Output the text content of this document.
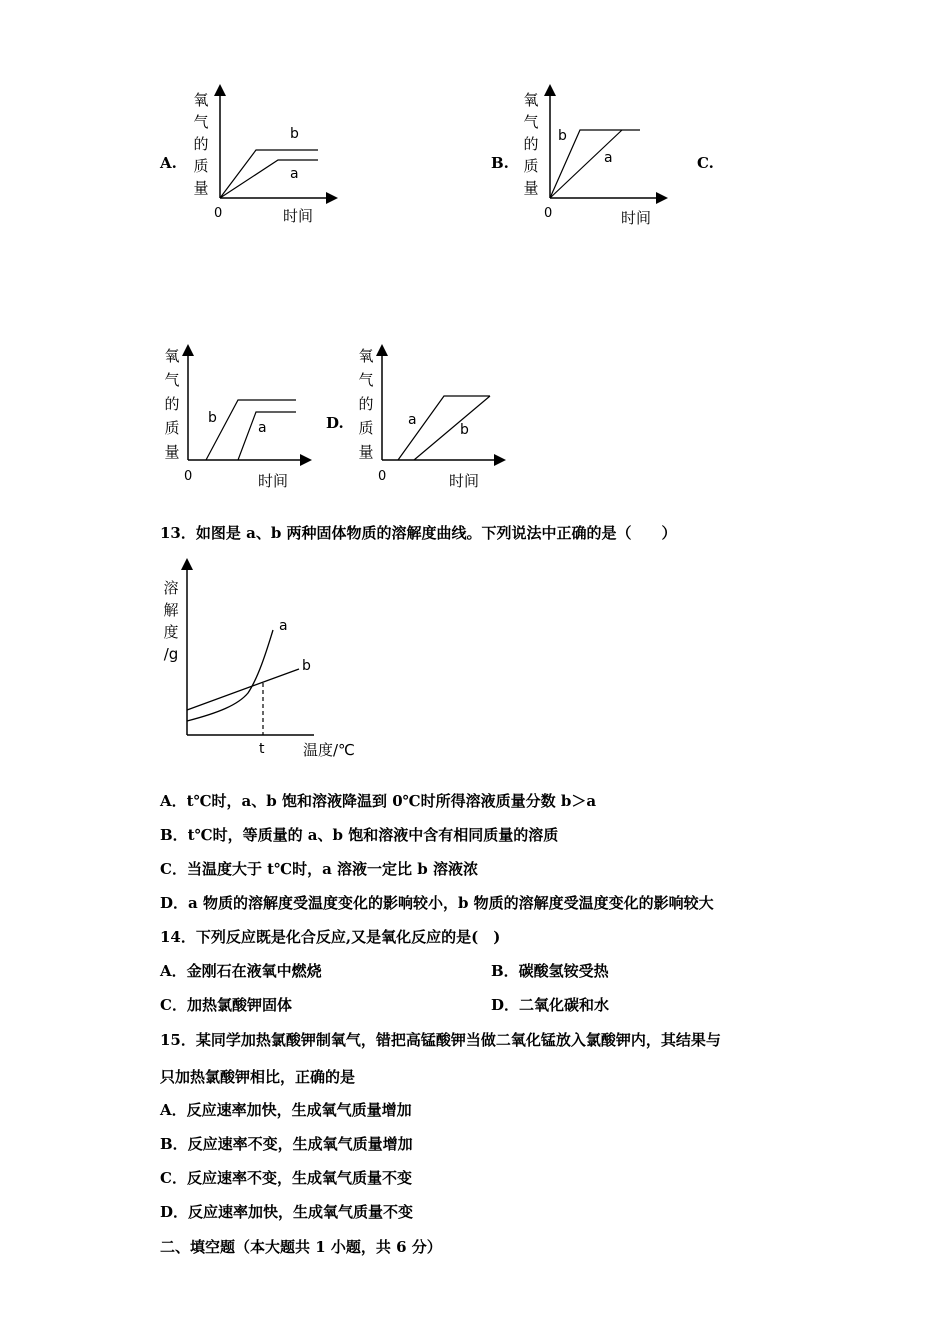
A.
氧
气
的
质
量
0	时间
b
a
B.
氧
气
的
质
量
0	时间
b
a	C.
氧
气
的
质
量
0	时间
b
a	D.
氧
气
的
质
量
0	时间
a
b
13．如图是 a、b 两种固体物质的溶解度曲线。下列说法中正确的是（　　）
溶
解
度
/g
温度/℃
a
b
t
A．t℃时，a、b 饱和溶液降温到 0℃时所得溶液质量分数 b＞a
B．t℃时，等质量的 a、b 饱和溶液中含有相同质量的溶质
C．当温度大于 t℃时，a 溶液一定比 b 溶液浓
D．a 物质的溶解度受温度变化的影响较小，b 物质的溶解度受温度变化的影响较大
14．下列反应既是化合反应,又是氧化反应的是(　)
A．金刚石在液氧中燃烧	B．碳酸氢铵受热
C．加热氯酸钾固体	D．二氧化碳和水
15．某同学加热氯酸钾制氧气，错把高锰酸钾当做二氧化锰放入氯酸钾内，其结果与
只加热氯酸钾相比，正确的是
A．反应速率加快，生成氧气质量增加
B．反应速率不变，生成氧气质量增加
C．反应速率不变，生成氧气质量不变
D．反应速率加快，生成氧气质量不变
二、填空题（本大题共 1 小题，共 6 分）
